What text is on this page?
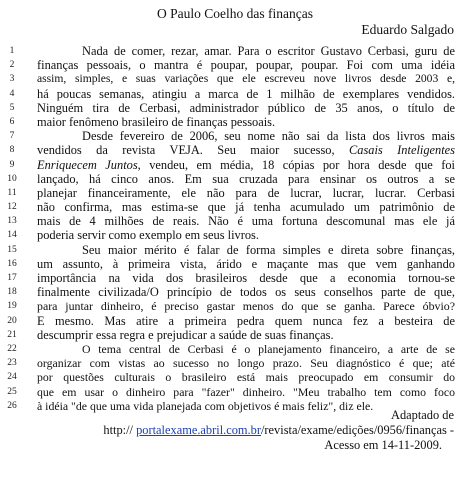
O Paulo Coelho das finanças
Eduardo Salgado
1	Nada de comer, rezar, amar. Para o escritor Gustavo Cerbasi, guru de
2	finanças pessoais, o mantra é poupar, poupar, poupar. Foi com uma idéia
3	assim, simples, e suas variações que ele escreveu nove livros desde 2003 e,
4	há poucas semanas, atingiu a marca de 1 milhão de exemplares vendidos.
5	Ninguém tira de Cerbasi, administrador público de 35 anos, o título de
6	maior fenômeno brasileiro de finanças pessoais.
7	Desde fevereiro de 2006, seu nome não sai da lista dos livros mais
8	vendidos da revista VEJA. Seu maior sucesso, Casais Inteligentes
9	Enriquecem Juntos, vendeu, em média, 18 cópias por hora desde que foi
10 lançado, há cinco anos. Em sua cruzada para ensinar os outros a se
11 planejar financeiramente, ele não para de lucrar, lucrar, lucrar. Cerbasi
12 não confirma, mas estima-se que já tenha acumulado um patrimônio de
13 mais de 4 milhões de reais. Não é uma fortuna descomunal mas ele já
14 poderia servir como exemplo em seus livros.
15	Seu maior mérito é falar de forma simples e direta sobre finanças,
16 um assunto, à primeira vista, árido e maçante mas que vem ganhando
17 importância na vida dos brasileiros desde que a economia tornou-se
18 finalmente civilizada/O princípio de todos os seus conselhos parte de que,
19 para juntar dinheiro, é preciso gastar menos do que se ganha. Parece óbvio?
20 E mesmo. Mas atire a primeira pedra quem nunca fez a besteira de
21 descumprir essa regra e prejudicar a saúde de suas finanças.
22	O tema central de Cerbasi é o planejamento financeiro, a arte de se
23 organizar com vistas ao sucesso no longo prazo. Seu diagnóstico é que; até
24 por questões culturais o brasileiro está mais preocupado em consumir do
25 que em usar o dinheiro para "fazer" dinheiro. "Meu trabalho tem como foco
26 à idéia "de que uma vida planejada com objetivos é mais feliz", diz ele.
Adaptado de
http:// portalexame.abril.com.br/revista/exame/edições/0956/finanças -
Acesso em 14-11-2009.
